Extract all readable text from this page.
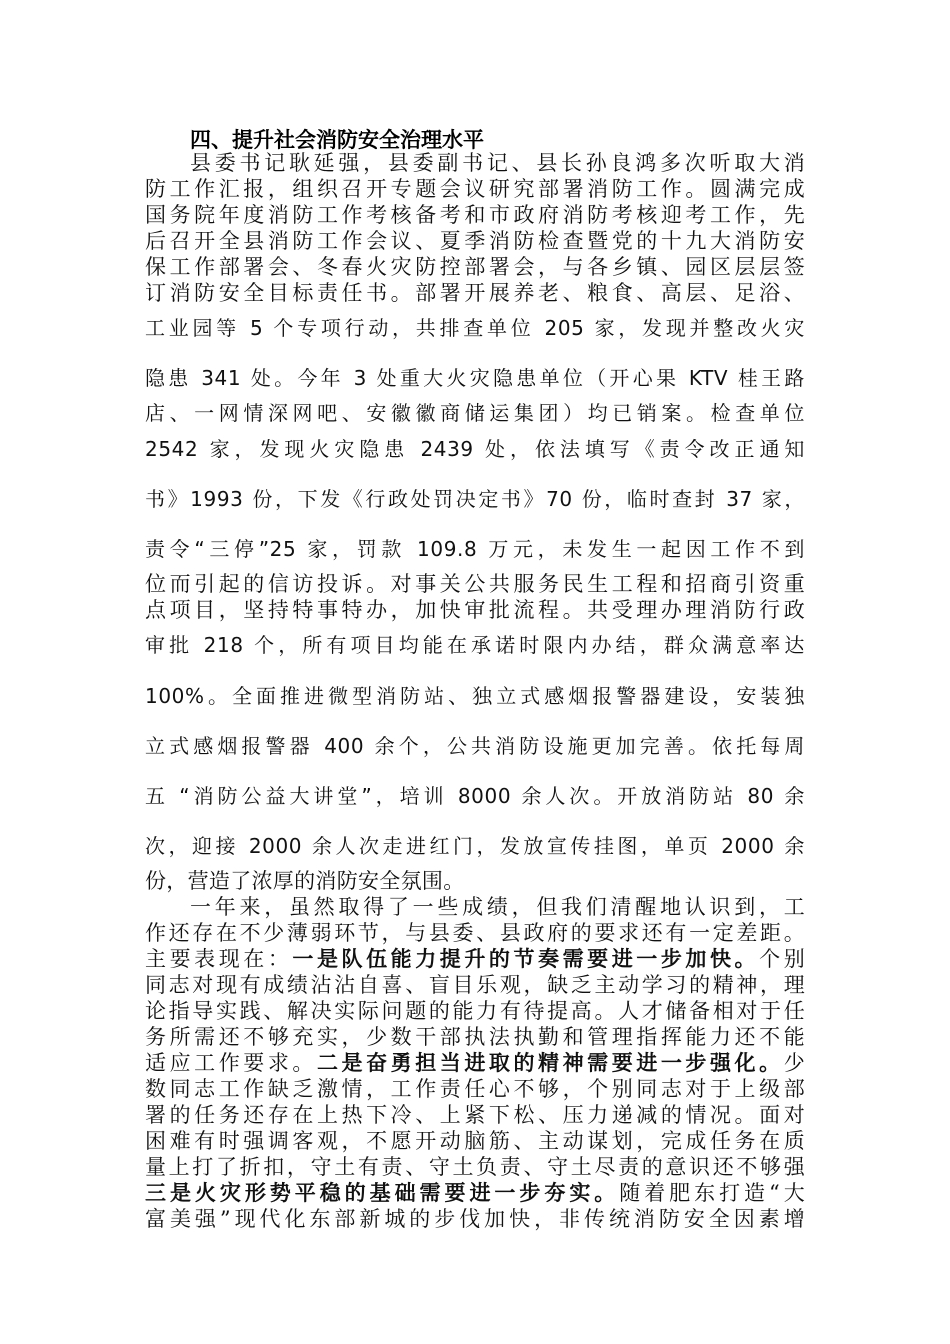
四、提升社会消防安全治理水平
县委书记耿延强，县委副书记、县长孙良鸿多次听取大消
防工作汇报，组织召开专题会议研究部署消防工作。圆满完成
国务院年度消防工作考核备考和市政府消防考核迎考工作，先
后召开全县消防工作会议、夏季消防检查暨党的十九大消防安
保工作部署会、冬春火灾防控部署会，与各乡镇、园区层层签
订消防安全目标责任书。部署开展养老、粮食、高层、足浴、
工业园等 5 个专项行动，共排查单位 205 家，发现并整改火灾
隐患 341 处。今年 3 处重大火灾隐患单位（开心果 KTV 桂王路
店、一网情深网吧、安徽徽商储运集团）均已销案。检查单位
2542 家，发现火灾隐患 2439 处，依法填写《责令改正通知
书》1993 份，下发《行政处罚决定书》70 份，临时查封 37 家，
责令“三停”25 家，罚款 109.8 万元，未发生一起因工作不到
位而引起的信访投诉。对事关公共服务民生工程和招商引资重
点项目，坚持特事特办，加快审批流程。共受理办理消防行政
审批 218 个，所有项目均能在承诺时限内办结，群众满意率达
100%。全面推进微型消防站、独立式感烟报警器建设，安装独
立式感烟报警器 400 余个，公共消防设施更加完善。依托每周
五 “消防公益大讲堂”，培训 8000 余人次。开放消防站 80 余
次，迎接 2000 余人次走进红门，发放宣传挂图，单页 2000 余
份，营造了浓厚的消防安全氛围。
一年来，虽然取得了一些成绩，但我们清醒地认识到，工
作还存在不少薄弱环节，与县委、县政府的要求还有一定差距。
主要表现在：一是队伍能力提升的节奏需要进一步加快。个别
同志对现有成绩沾沾自喜、盲目乐观，缺乏主动学习的精神，理
论指导实践、解决实际问题的能力有待提高。人才储备相对于任
务所需还不够充实，少数干部执法执勤和管理指挥能力还不能
适应工作要求。二是奋勇担当进取的精神需要进一步强化。少
数同志工作缺乏激情，工作责任心不够，个别同志对于上级部
署的任务还存在上热下冷、上紧下松、压力递减的情况。面对
困难有时强调客观，不愿开动脑筋、主动谋划，完成任务在质
量上打了折扣，守土有责、守土负责、守土尽责的意识还不够强
三是火灾形势平稳的基础需要进一步夯实。随着肥东打造“大
富美强”现代化东部新城的步伐加快，非传统消防安全因素增
